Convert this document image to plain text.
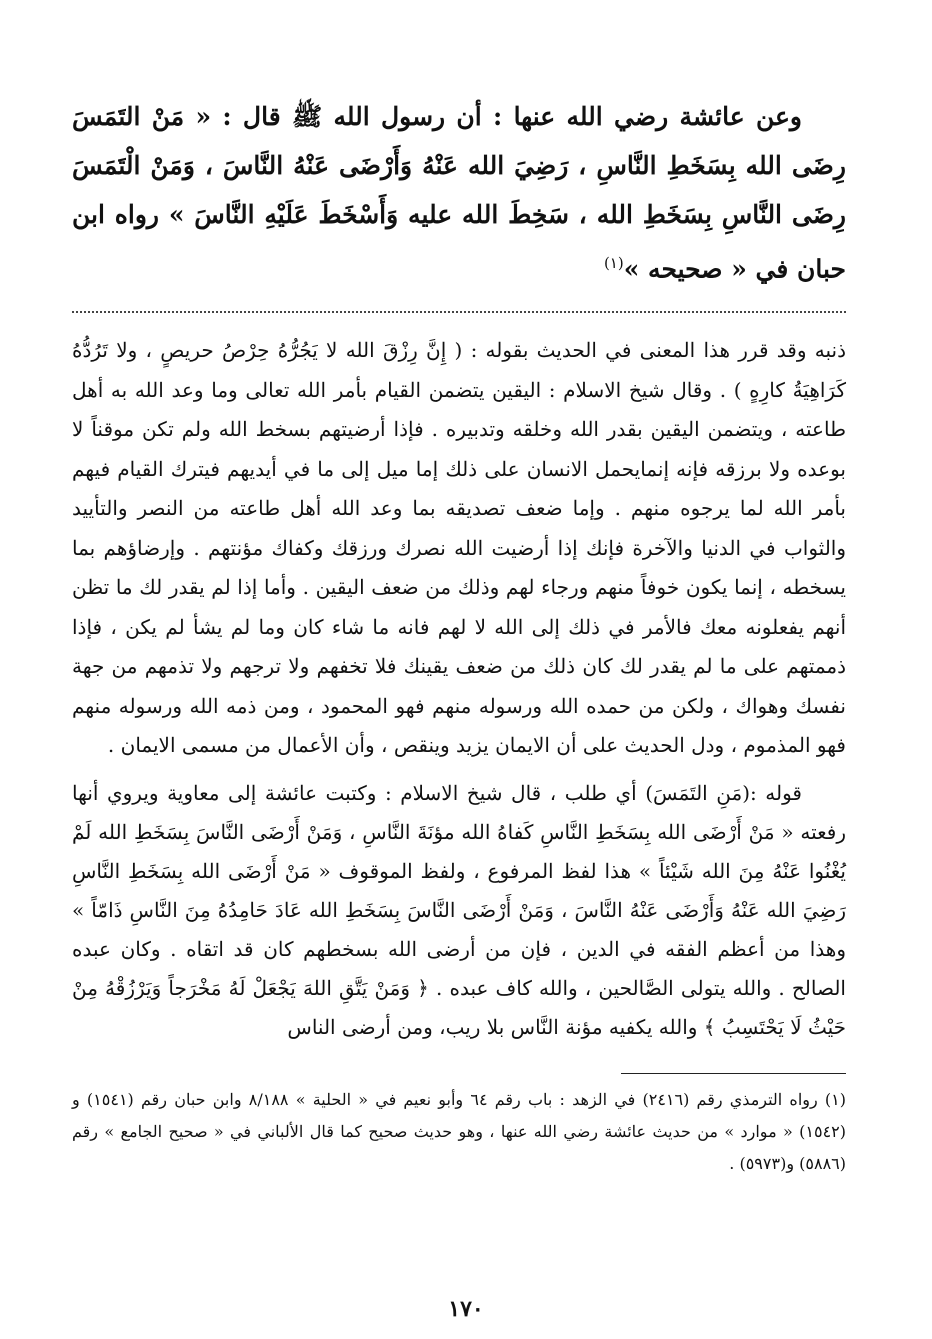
وعن عائشة رضي الله عنها : أن رسول الله ﷺ قال : « مَنْ التَمَسَ رِضَى الله بِسَخَطِ النَّاسِ ، رَضِيَ الله عَنْهُ وَأَرْضَى عَنْهُ النَّاسَ ، وَمَنْ الْتَمَسَ رِضَى النَّاسِ بِسَخَطِ الله ، سَخِطَ الله عليه وَأَسْخَطَ عَلَيْهِ النَّاسَ » رواه ابن حبان في « صحيحه »$^{(١)}$

ذنبه وقد قرر هذا المعنى في الحديث بقوله : ( إِنَّ رِزْقَ الله لا يَجُرُّهُ حِرْصُ حريصٍ ، ولا تَرُدُّهُ كَرَاهِيَةُ كارِهٍ ) . وقال شيخ الاسلام : اليقين يتضمن القيام بأمر الله تعالى وما وعد الله به أهل طاعته ، ويتضمن اليقين بقدر الله وخلقه وتدبيره . فإذا أرضيتهم بسخط الله ولم تكن موقناً لا بوعده ولا برزقه فإنه إنمايحمل الانسان على ذلك إما ميل إلى ما في أيديهم فيترك القيام فيهم بأمر الله لما يرجوه منهم . وإما ضعف تصديقه بما وعد الله أهل طاعته من النصر والتأييد والثواب في الدنيا والآخرة فإنك إذا أرضيت الله نصرك ورزقك وكفاك مؤنتهم . وإرضاؤهم بما يسخطه ، إنما يكون خوفاً منهم ورجاء لهم وذلك من ضعف اليقين . وأما إذا لم يقدر لك ما تظن أنهم يفعلونه معك فالأمر في ذلك إلى الله لا لهم فانه ما شاء كان وما لم يشأ لم يكن ، فإذا ذممتهم على ما لم يقدر لك كان ذلك من ضعف يقينك فلا تخفهم ولا ترجهم ولا تذمهم من جهة نفسك وهواك ، ولكن من حمده الله ورسوله منهم فهو المحمود ، ومن ذمه الله ورسوله منهم فهو المذموم ، ودل الحديث على أن الايمان يزيد وينقص ، وأن الأعمال من مسمى الايمان .

قوله :(مَنِ التَمَسَ) أي طلب ، قال شيخ الاسلام : وكتبت عائشة إلى معاوية ويروي أنها رفعته « مَنْ أَرْضَى الله بِسَخَطِ النَّاسِ كَفاهُ الله مؤنَةَ النَّاسِ ، وَمَنْ أَرْضَى النَّاسَ بِسَخَطِ الله لَمْ يُغْنُوا عَنْهُ مِنَ الله شَيْئاً » هذا لفظ المرفوع ، ولفظ الموقوف « مَنْ أَرْضَى الله بِسَخَطِ النَّاسِ رَضِيَ الله عَنْهُ وَأَرْضَى عَنْهُ النَّاسَ ، وَمَنْ أَرْضَى النَّاسَ بِسَخَطِ الله عَادَ حَامِدُهُ مِنَ النَّاسِ ذَامّاً » وهذا من أعظم الفقه في الدين ، فإن من أرضى الله بسخطهم كان قد اتقاه . وكان عبده الصالح . والله يتولى الصَّالحين ، والله كاف عبده . ﴿ وَمَنْ يَتَّقِ اللهَ يَجْعَلْ لَهُ مَخْرَجاً وَيَرْزُقْهُ مِنْ حَيْثُ لَا يَحْتَسِبُ ﴾ والله يكفيه مؤنة النَّاس بلا ريب، ومن أرضى الناس

(١) رواه الترمذي رقم (٢٤١٦) في الزهد : باب رقم ٦٤ وأبو نعيم في « الحلية » ٨/١٨٨ وابن حبان رقم (١٥٤١) و (١٥٤٢) « موارد » من حديث عائشة رضي الله عنها ، وهو حديث صحيح كما قال الألباني في « صحيح الجامع » رقم (٥٨٨٦) و(٥٩٧٣) .

١٧٠
